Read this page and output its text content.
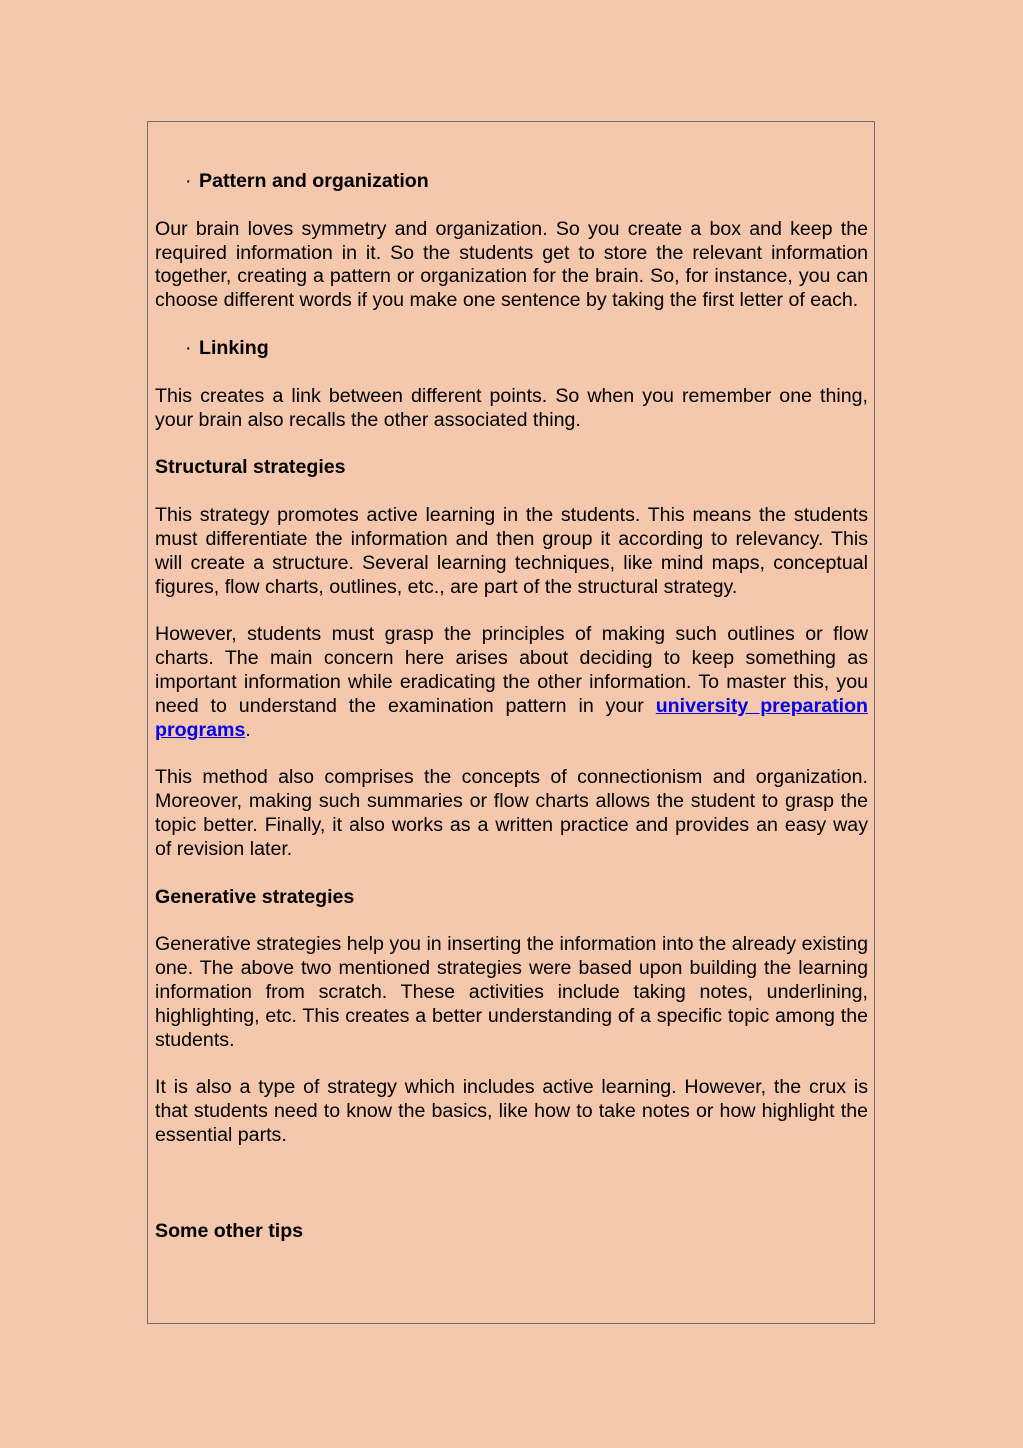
· Pattern and organization

Our brain loves symmetry and organization. So you create a box and keep the required information in it. So the students get to store the relevant information together, creating a pattern or organization for the brain. So, for instance, you can choose different words if you make one sentence by taking the first letter of each.

· Linking

This creates a link between different points. So when you remember one thing, your brain also recalls the other associated thing.

Structural strategies

This strategy promotes active learning in the students. This means the students must differentiate the information and then group it according to relevancy. This will create a structure. Several learning techniques, like mind maps, conceptual figures, flow charts, outlines, etc., are part of the structural strategy.

However, students must grasp the principles of making such outlines or flow charts. The main concern here arises about deciding to keep something as important information while eradicating the other information. To master this, you need to understand the examination pattern in your university preparation programs.

This method also comprises the concepts of connectionism and organization. Moreover, making such summaries or flow charts allows the student to grasp the topic better. Finally, it also works as a written practice and provides an easy way of revision later.

Generative strategies

Generative strategies help you in inserting the information into the already existing one. The above two mentioned strategies were based upon building the learning information from scratch. These activities include taking notes, underlining, highlighting, etc. This creates a better understanding of a specific topic among the students.

It is also a type of strategy which includes active learning. However, the crux is that students need to know the basics, like how to take notes or how highlight the essential parts.

Some other tips
